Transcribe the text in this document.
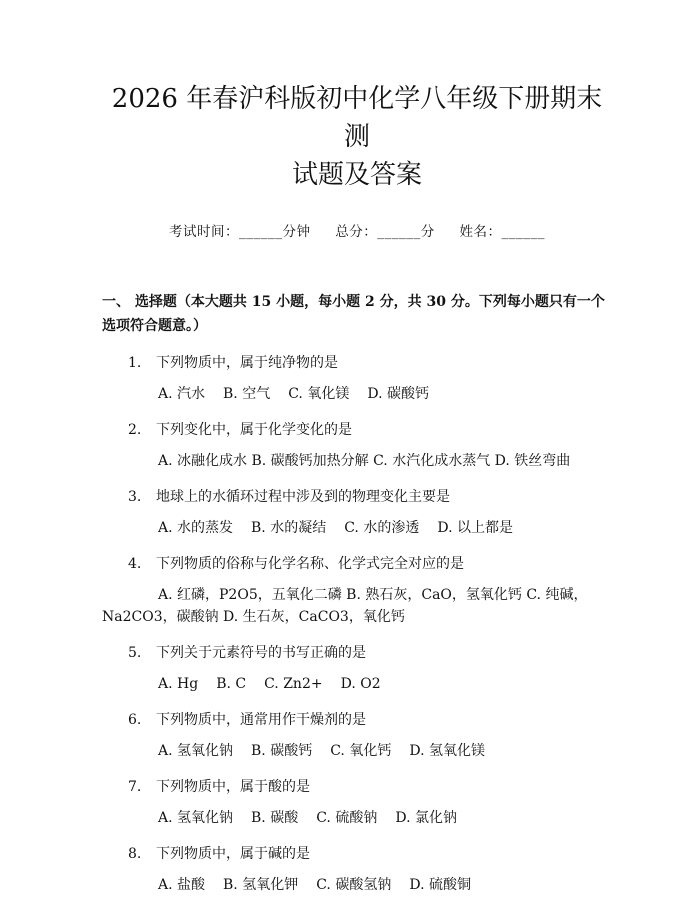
2026 年春沪科版初中化学八年级下册期末测
试题及答案
考试时间：______分钟 总分：______分 姓名：______
一、 选择题（本大题共 15 小题，每小题 2 分，共 30 分。下列每小题只有一个选项符合题意。）
1. 下列物质中，属于纯净物的是
A. 汽水 B. 空气 C. 氧化镁 D. 碳酸钙
2. 下列变化中，属于化学变化的是
A. 冰融化成水 B. 碳酸钙加热分解 C. 水汽化成水蒸气 D. 铁丝弯曲
3. 地球上的水循环过程中涉及到的物理变化主要是
A. 水的蒸发 B. 水的凝结 C. 水的渗透 D. 以上都是
4. 下列物质的俗称与化学名称、化学式完全对应的是
A. 红磷，P2O5，五氧化二磷 B. 熟石灰，CaO，氢氧化钙 C. 纯碱，Na2CO3，碳酸钠 D. 生石灰，CaCO3，氧化钙
5. 下列关于元素符号的书写正确的是
A. Hg B. C C. Zn2+ D. O2
6. 下列物质中，通常用作干燥剂的是
A. 氢氧化钠 B. 碳酸钙 C. 氧化钙 D. 氢氧化镁
7. 下列物质中，属于酸的是
A. 氢氧化钠 B. 碳酸 C. 硫酸钠 D. 氯化钠
8. 下列物质中，属于碱的是
A. 盐酸 B. 氢氧化钾 C. 碳酸氢钠 D. 硫酸铜
